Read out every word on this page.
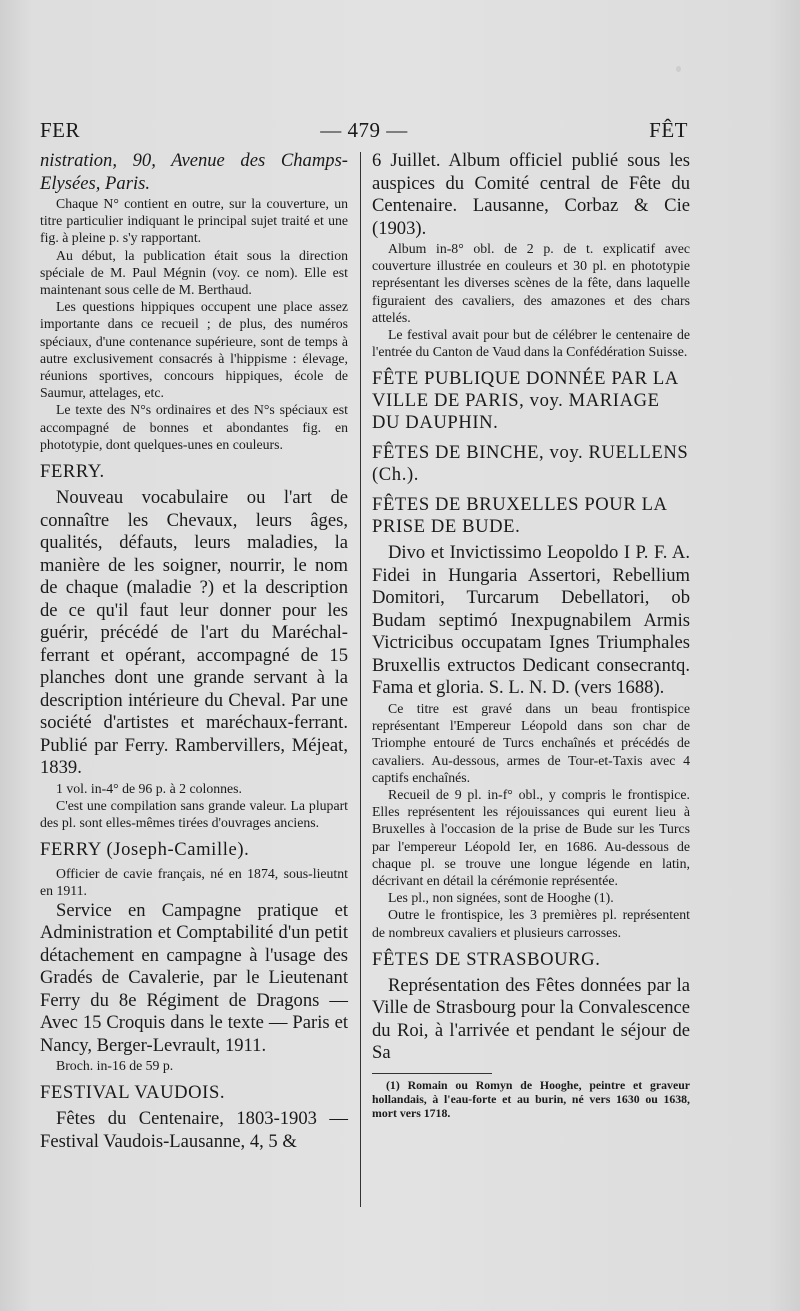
FER	— 479 —	FÊT

nistration, 90, Avenue des Champs-Elysées, Paris.

Chaque N° contient en outre, sur la couverture, un titre particulier indiquant le principal sujet traité et une fig. à pleine p. s'y rapportant.

Au début, la publication était sous la direction spéciale de M. Paul Mégnin (voy. ce nom). Elle est maintenant sous celle de M. Berthaud.

Les questions hippiques occupent une place assez importante dans ce recueil ; de plus, des numéros spéciaux, d'une contenance supérieure, sont de temps à autre exclusivement consacrés à l'hippisme : élevage, réunions sportives, concours hippiques, école de Saumur, attelages, etc.

Le texte des N°s ordinaires et des N°s spéciaux est accompagné de bonnes et abondantes fig. en phototypie, dont quelques-unes en couleurs.

FERRY.

Nouveau vocabulaire ou l'art de connaître les Chevaux, leurs âges, qualités, défauts, leurs maladies, la manière de les soigner, nourrir, le nom de chaque (maladie ?) et la description de ce qu'il faut leur donner pour les guérir, précédé de l'art du Maréchal-ferrant et opérant, accompagné de 15 planches dont une grande servant à la description intérieure du Cheval. Par une société d'artistes et maréchaux-ferrant. Publié par Ferry. Rambervillers, Méjeat, 1839.

1 vol. in-4° de 96 p. à 2 colonnes.

C'est une compilation sans grande valeur. La plupart des pl. sont elles-mêmes tirées d'ouvrages anciens.

FERRY (Joseph-Camille).

Officier de cavie français, né en 1874, sous-lieutnt en 1911.

Service en Campagne pratique et Administration et Comptabilité d'un petit détachement en campagne à l'usage des Gradés de Cavalerie, par le Lieutenant Ferry du 8e Régiment de Dragons — Avec 15 Croquis dans le texte — Paris et Nancy, Berger-Levrault, 1911.

Broch. in-16 de 59 p.

FESTIVAL VAUDOIS.

Fêtes du Centenaire, 1803-1903 — Festival Vaudois-Lausanne, 4, 5 &

6 Juillet. Album officiel publié sous les auspices du Comité central de Fête du Centenaire. Lausanne, Corbaz & Cie (1903).

Album in-8° obl. de 2 p. de t. explicatif avec couverture illustrée en couleurs et 30 pl. en phototypie représentant les diverses scènes de la fête, dans laquelle figuraient des cavaliers, des amazones et des chars attelés.

Le festival avait pour but de célébrer le centenaire de l'entrée du Canton de Vaud dans la Confédération Suisse.

FÊTE PUBLIQUE DONNÉE PAR LA VILLE DE PARIS, voy. MARIAGE DU DAUPHIN.
FÊTES DE BINCHE, voy. RUELLENS (Ch.).
FÊTES DE BRUXELLES POUR LA PRISE DE BUDE.

Divo et Invictissimo Leopoldo I P. F. A. Fidei in Hungaria Assertori, Rebellium Domitori, Turcarum Debellatori, ob Budam septimó Inexpugnabilem Armis Victricibus occupatam Ignes Triumphales Bruxellis extructos Dedicant consecrantq. Fama et gloria. S. L. N. D. (vers 1688).

Ce titre est gravé dans un beau frontispice représentant l'Empereur Léopold dans son char de Triomphe entouré de Turcs enchaînés et précédés de cavaliers. Au-dessous, armes de Tour-et-Taxis avec 4 captifs enchaînés.

Recueil de 9 pl. in-f° obl., y compris le frontispice. Elles représentent les réjouissances qui eurent lieu à Bruxelles à l'occasion de la prise de Bude sur les Turcs par l'empereur Léopold Ier, en 1686. Au-dessous de chaque pl. se trouve une longue légende en latin, décrivant en détail la cérémonie représentée.

Les pl., non signées, sont de Hooghe (1).

Outre le frontispice, les 3 premières pl. représentent de nombreux cavaliers et plusieurs carrosses.

FÊTES DE STRASBOURG.

Représentation des Fêtes données par la Ville de Strasbourg pour la Convalescence du Roi, à l'arrivée et pendant le séjour de Sa

(1) Romain ou Romyn de Hooghe, peintre et graveur hollandais, à l'eau-forte et au burin, né vers 1630 ou 1638, mort vers 1718.
